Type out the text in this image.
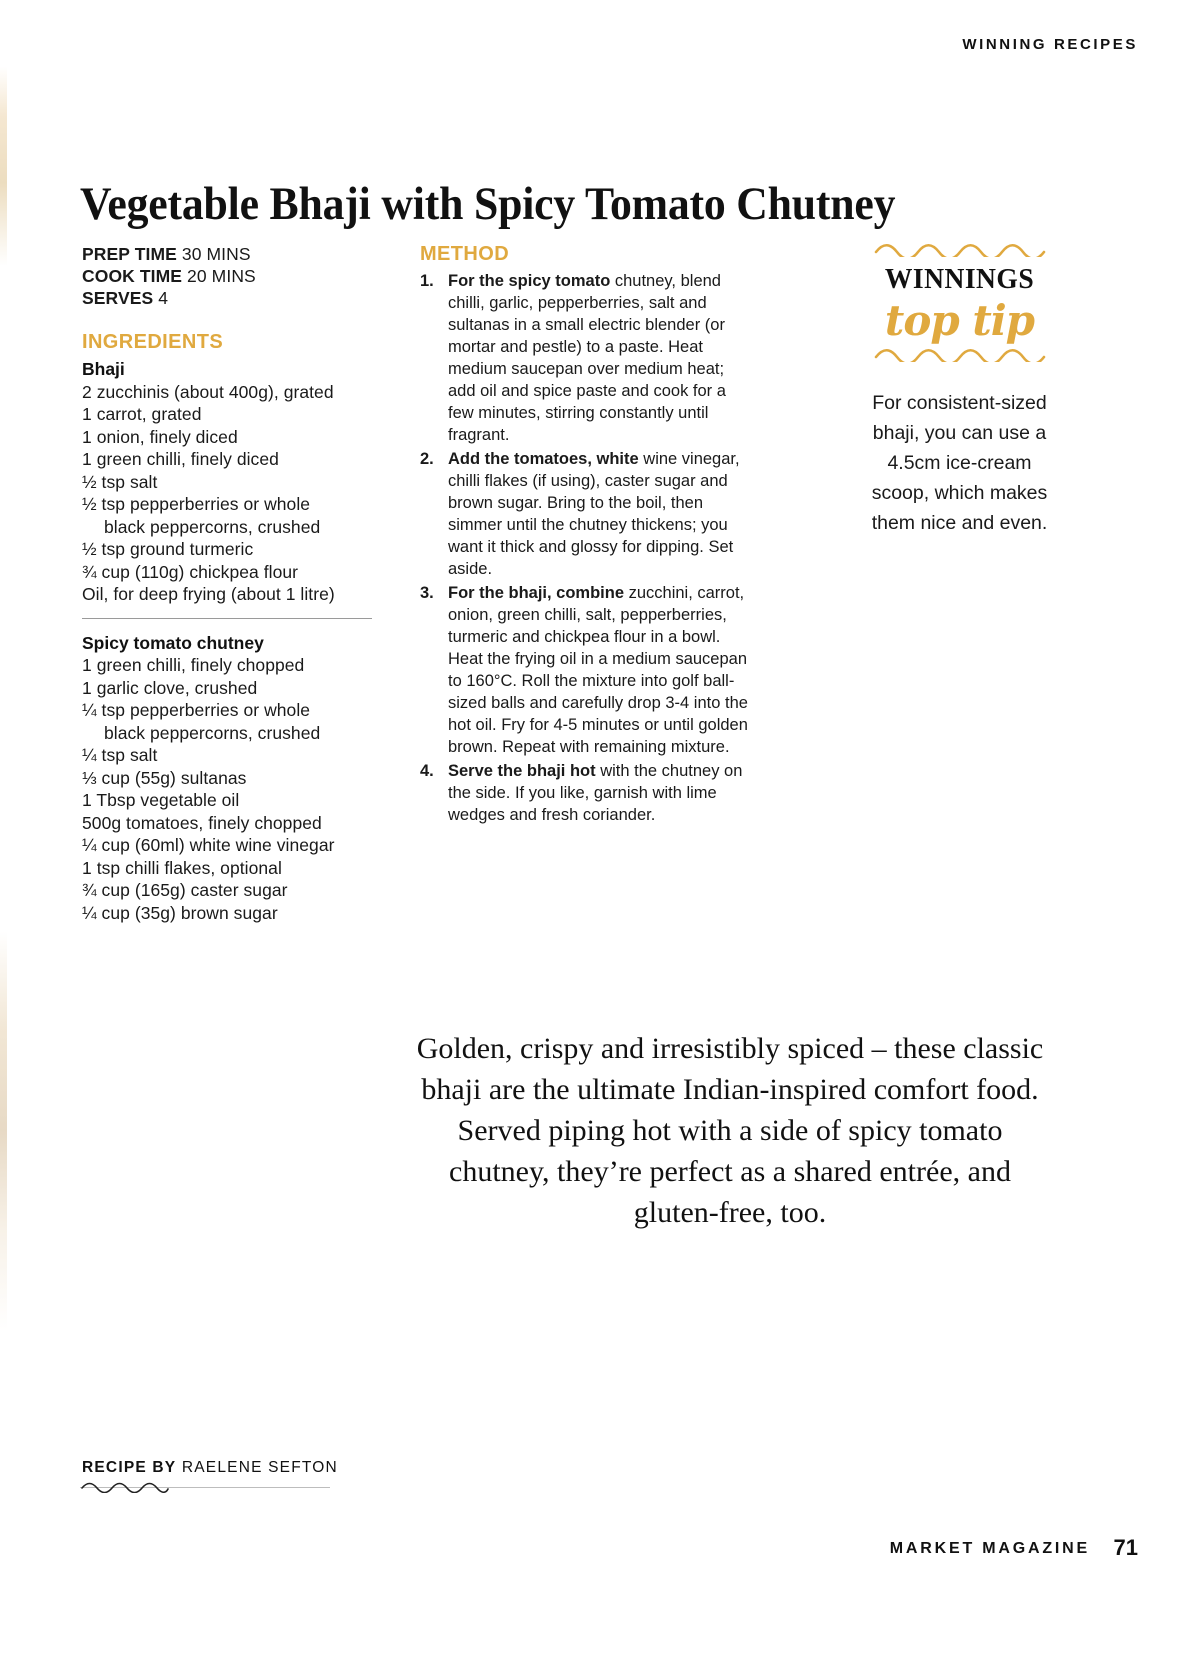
WINNING RECIPES
Vegetable Bhaji with Spicy Tomato Chutney
PREP TIME 30 MINS
COOK TIME 20 MINS
SERVES 4
INGREDIENTS
Bhaji
2 zucchinis (about 400g), grated
1 carrot, grated
1 onion, finely diced
1 green chilli, finely diced
½ tsp salt
½ tsp pepperberries or whole
black peppercorns, crushed
½ tsp ground turmeric
¾ cup (110g) chickpea flour
Oil, for deep frying (about 1 litre)
Spicy tomato chutney
1 green chilli, finely chopped
1 garlic clove, crushed
¼ tsp pepperberries or whole
black peppercorns, crushed
¼ tsp salt
⅓ cup (55g) sultanas
1 Tbsp vegetable oil
500g tomatoes, finely chopped
¼ cup (60ml) white wine vinegar
1 tsp chilli flakes, optional
¾ cup (165g) caster sugar
¼ cup (35g) brown sugar
METHOD
1. For the spicy tomato chutney, blend chilli, garlic, pepperberries, salt and sultanas in a small electric blender (or mortar and pestle) to a paste. Heat medium saucepan over medium heat; add oil and spice paste and cook for a few minutes, stirring constantly until fragrant.
2. Add the tomatoes, white wine vinegar, chilli flakes (if using), caster sugar and brown sugar. Bring to the boil, then simmer until the chutney thickens; you want it thick and glossy for dipping. Set aside.
3. For the bhaji, combine zucchini, carrot, onion, green chilli, salt, pepperberries, turmeric and chickpea flour in a bowl. Heat the frying oil in a medium saucepan to 160°C. Roll the mixture into golf ball-sized balls and carefully drop 3-4 into the hot oil. Fry for 4-5 minutes or until golden brown. Repeat with remaining mixture.
4. Serve the bhaji hot with the chutney on the side. If you like, garnish with lime wedges and fresh coriander.
WINNINGS
top tip
For consistent-sized bhaji, you can use a 4.5cm ice-cream scoop, which makes them nice and even.
Golden, crispy and irresistibly spiced – these classic bhaji are the ultimate Indian-inspired comfort food. Served piping hot with a side of spicy tomato chutney, they’re perfect as a shared entrée, and gluten-free, too.
RECIPE BY RAELENE SEFTON
MARKET MAGAZINE 71
